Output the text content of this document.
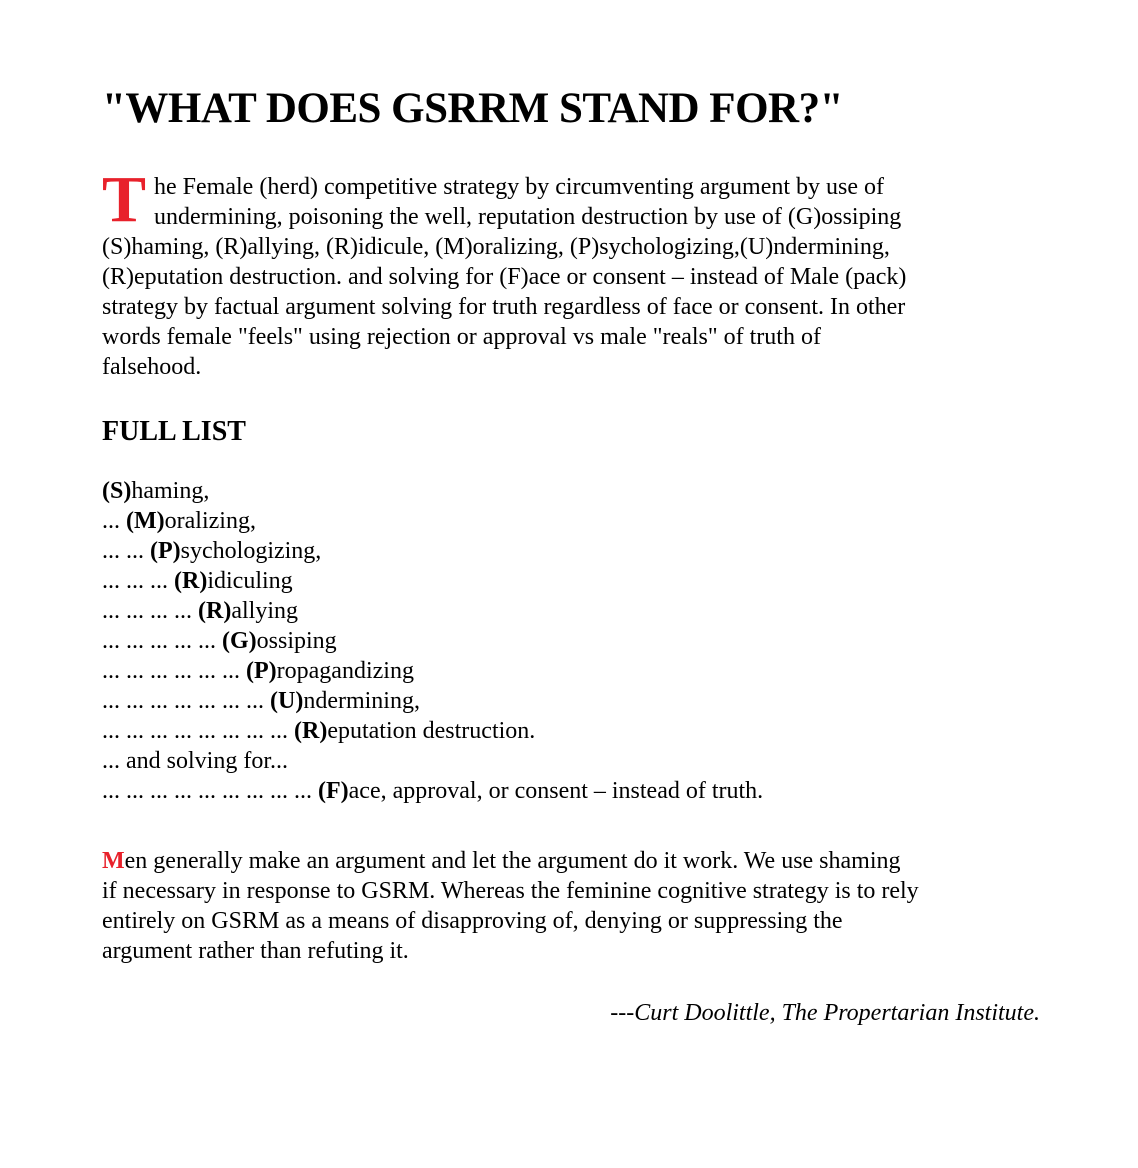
"WHAT DOES GSRRM STAND FOR?"
T he Female (herd) competitive strategy by circumventing argument by use of
undermining, poisoning the well, reputation destruction by use of (G)ossiping
(S)haming, (R)allying, (R)idicule, (M)oralizing, (P)sychologizing,(U)ndermining,
(R)eputation destruction. and solving for (F)ace or consent – instead of Male (pack)
strategy by factual argument solving for truth regardless of face or consent. In other
words female "feels" using rejection or approval vs male "reals" of truth of
falsehood.
FULL LIST
(S)haming,
... (M)oralizing,
... ... (P)sychologizing,
... ... ... (R)idiculing
... ... ... ... (R)allying
... ... ... ... ... (G)ossiping
... ... ... ... ... ... (P)ropagandizing
... ... ... ... ... ... ... (U)ndermining,
... ... ... ... ... ... ... ... (R)eputation destruction.
... and solving for...
... ... ... ... ... ... ... ... ... (F)ace, approval, or consent – instead of truth.
Men generally make an argument and let the argument do it work. We use shaming
if necessary in response to GSRM. Whereas the feminine cognitive strategy is to rely
entirely on GSRM as a means of disapproving of, denying or suppressing the
argument rather than refuting it.
---Curt Doolittle, The Propertarian Institute.
